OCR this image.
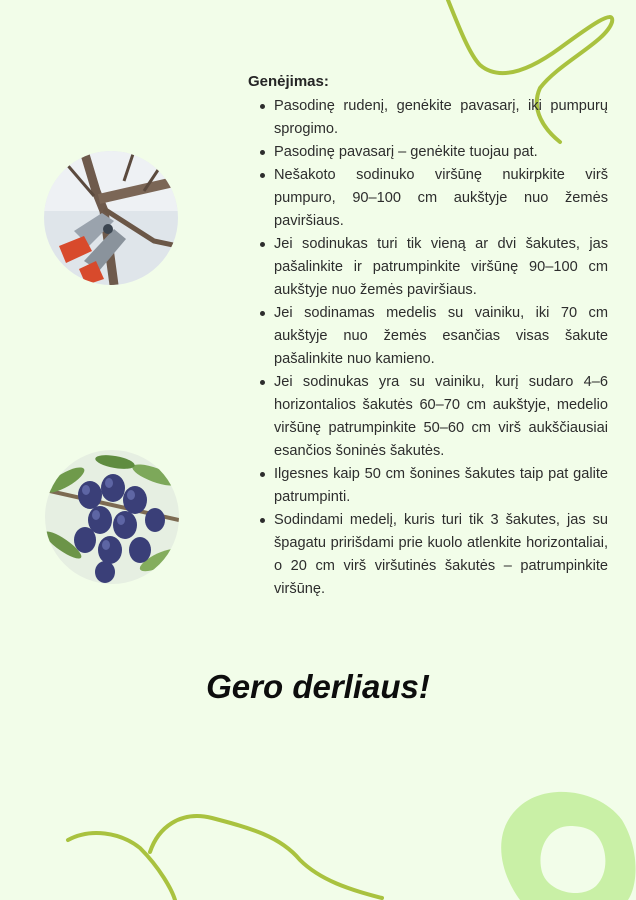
Genėjimas:
Pasodinę rudenį, genėkite pavasarį, iki pumpurų sprogimo.
Pasodinę pavasarį – genėkite tuojau pat.
Nešakoto sodinuko viršūnę nukirpkite virš pumpuro, 90–100 cm aukštyje nuo žemės paviršiaus.
Jei sodinukas turi tik vieną ar dvi šakutes, jas pašalinkite ir patrumpinkite viršūnę 90–100 cm aukštyje nuo žemės paviršiaus.
Jei sodinamas medelis su vainiku, iki 70 cm aukštyje nuo žemės esančias visas šakute pašalinkite nuo kamieno.
Jei sodinukas yra su vainiku, kurį sudaro 4–6 horizontalios šakutės 60–70 cm aukštyje, medelio viršūnę patrumpinkite 50–60 cm virš aukščiausiai esančios šoninės šakutės.
Ilgesnes kaip 50 cm šonines šakutes taip pat galite patrumpinti.
Sodindami medelį, kuris turi tik 3 šakutes, jas su špagatu pririšdami prie kuolo atlenkite horizontaliai, o 20 cm virš viršutinės šakutės – patrumpinkite viršūnę.
Gero derliaus!
